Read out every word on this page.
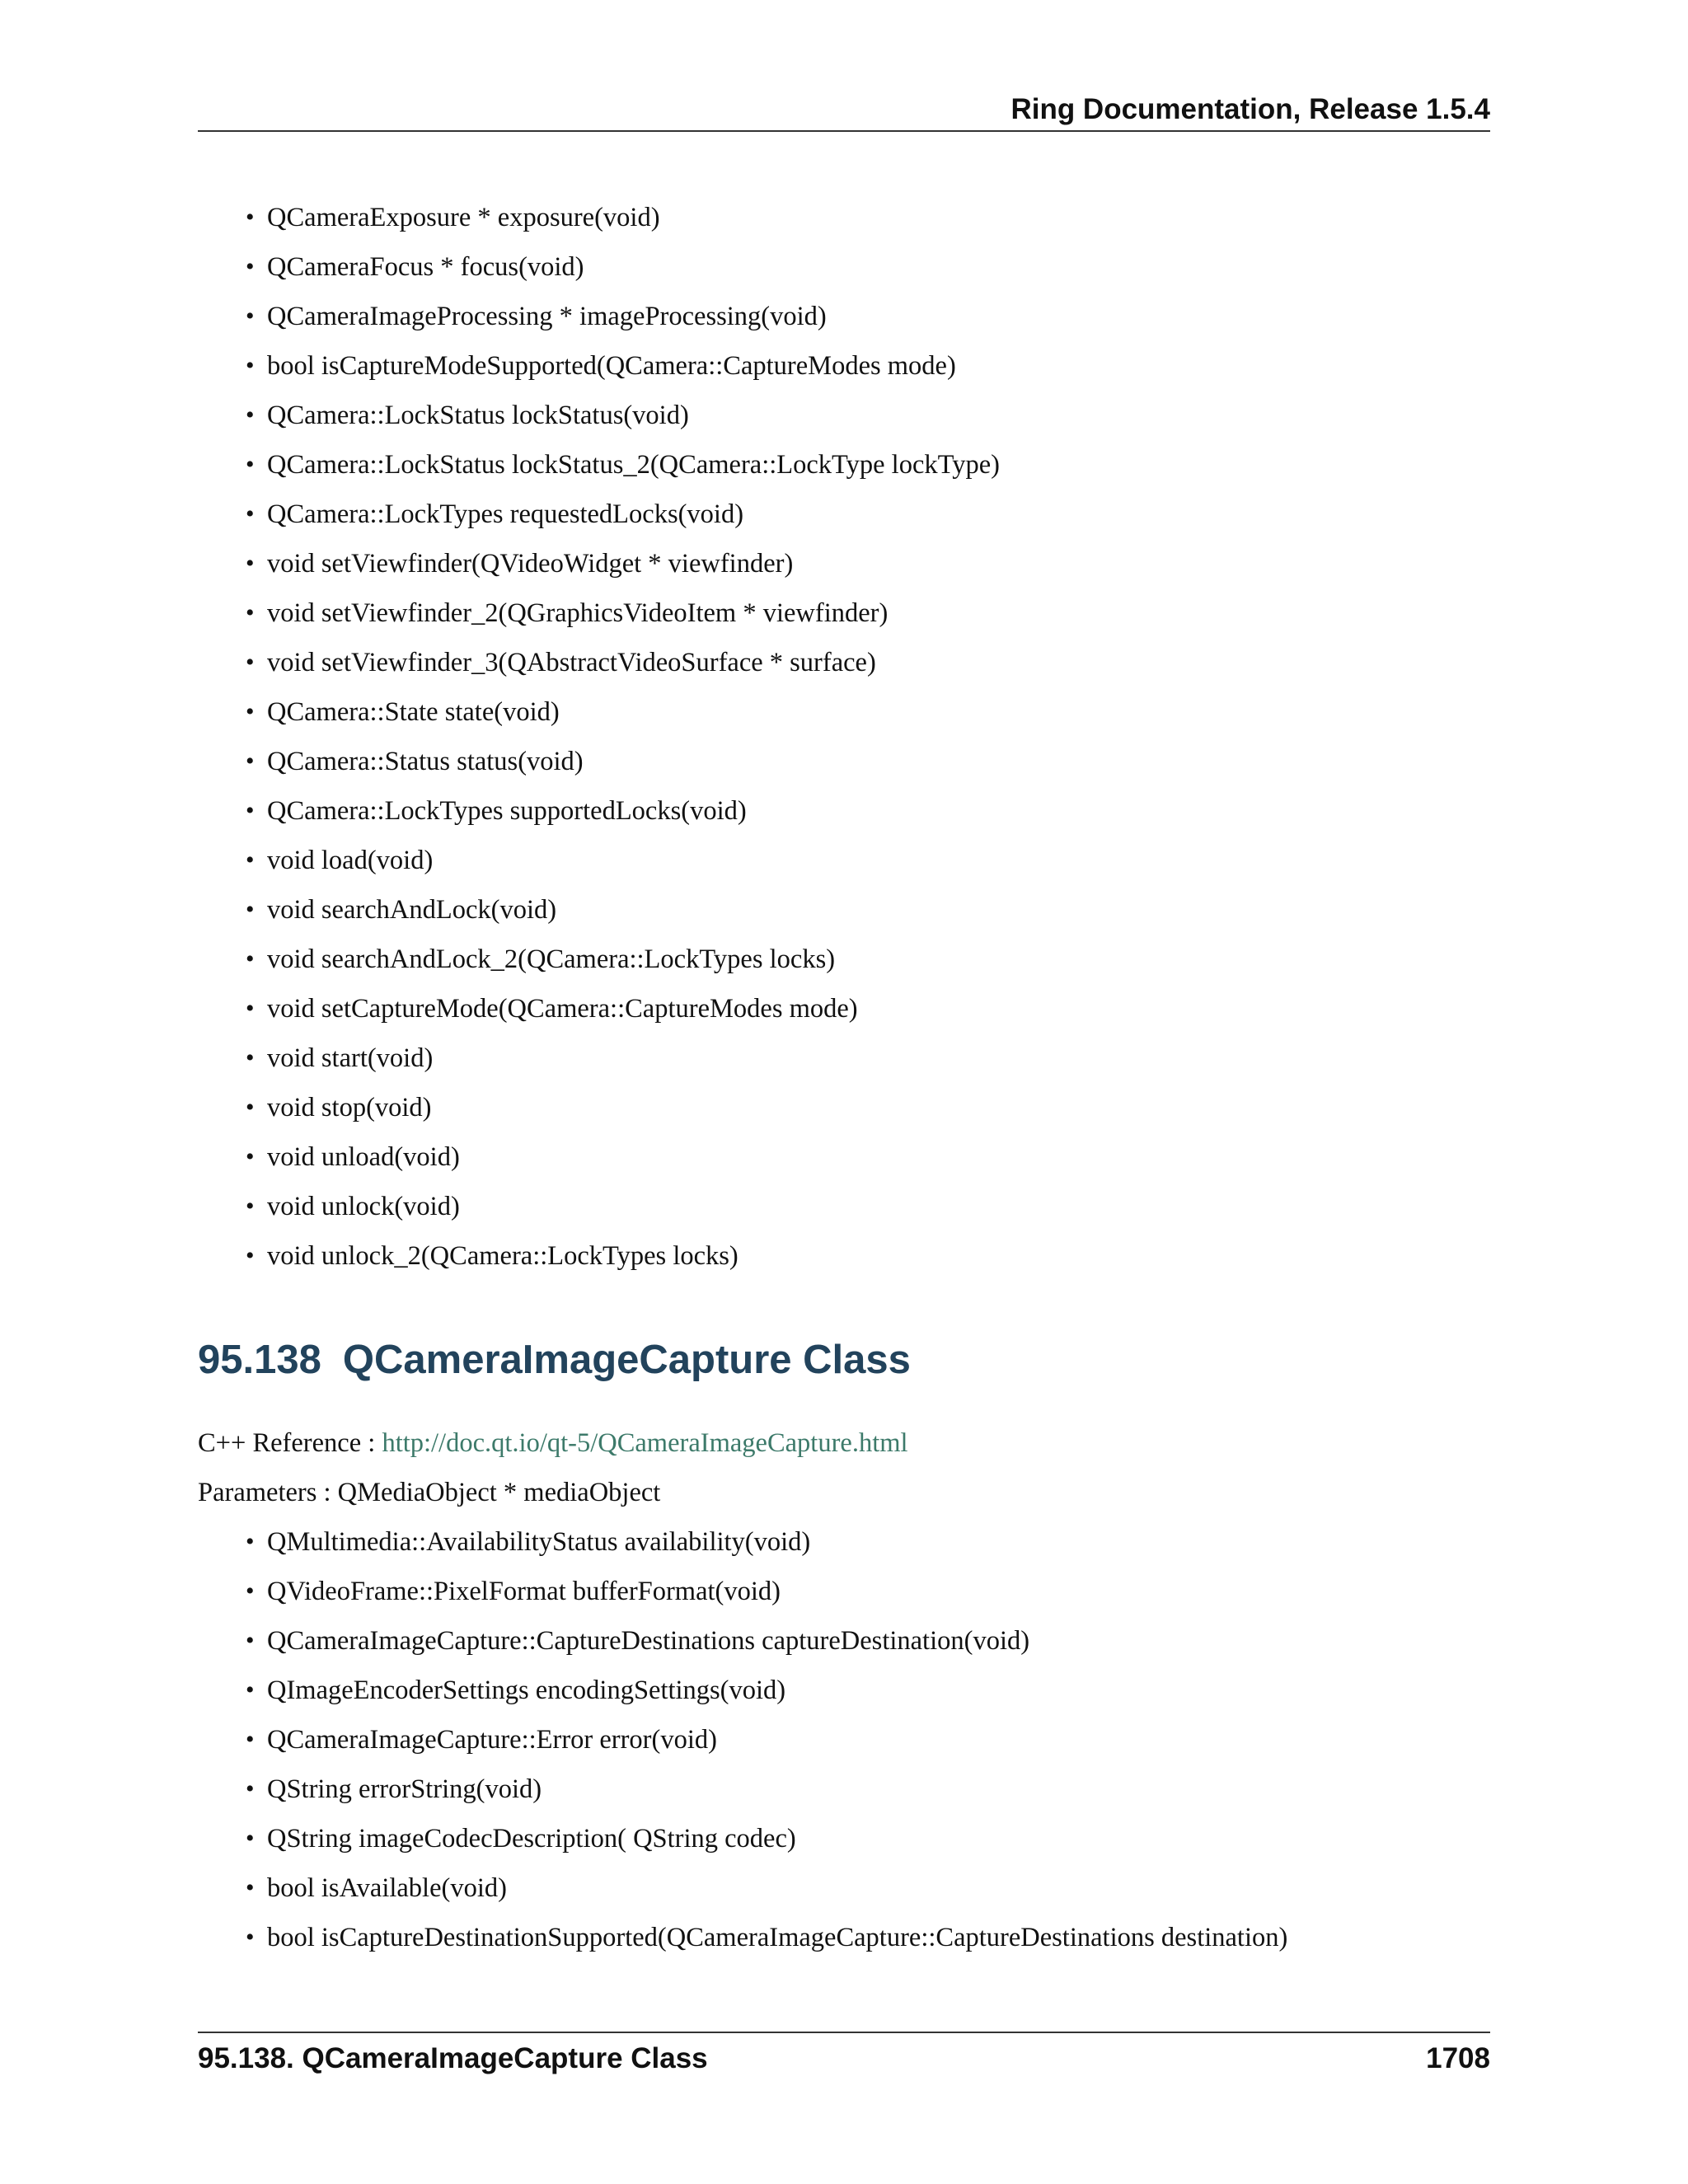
Ring Documentation, Release 1.5.4
• QCameraExposure * exposure(void)
• QCameraFocus * focus(void)
• QCameraImageProcessing * imageProcessing(void)
• bool isCaptureModeSupported(QCamera::CaptureModes mode)
• QCamera::LockStatus lockStatus(void)
• QCamera::LockStatus lockStatus_2(QCamera::LockType lockType)
• QCamera::LockTypes requestedLocks(void)
• void setViewfinder(QVideoWidget * viewfinder)
• void setViewfinder_2(QGraphicsVideoItem * viewfinder)
• void setViewfinder_3(QAbstractVideoSurface * surface)
• QCamera::State state(void)
• QCamera::Status status(void)
• QCamera::LockTypes supportedLocks(void)
• void load(void)
• void searchAndLock(void)
• void searchAndLock_2(QCamera::LockTypes locks)
• void setCaptureMode(QCamera::CaptureModes mode)
• void start(void)
• void stop(void)
• void unload(void)
• void unlock(void)
• void unlock_2(QCamera::LockTypes locks)
95.138 QCameraImageCapture Class
C++ Reference : http://doc.qt.io/qt-5/QCameraImageCapture.html
Parameters : QMediaObject * mediaObject
• QMultimedia::AvailabilityStatus availability(void)
• QVideoFrame::PixelFormat bufferFormat(void)
• QCameraImageCapture::CaptureDestinations captureDestination(void)
• QImageEncoderSettings encodingSettings(void)
• QCameraImageCapture::Error error(void)
• QString errorString(void)
• QString imageCodecDescription( QString codec)
• bool isAvailable(void)
• bool isCaptureDestinationSupported(QCameraImageCapture::CaptureDestinations destination)
95.138. QCameraImageCapture Class	1708
